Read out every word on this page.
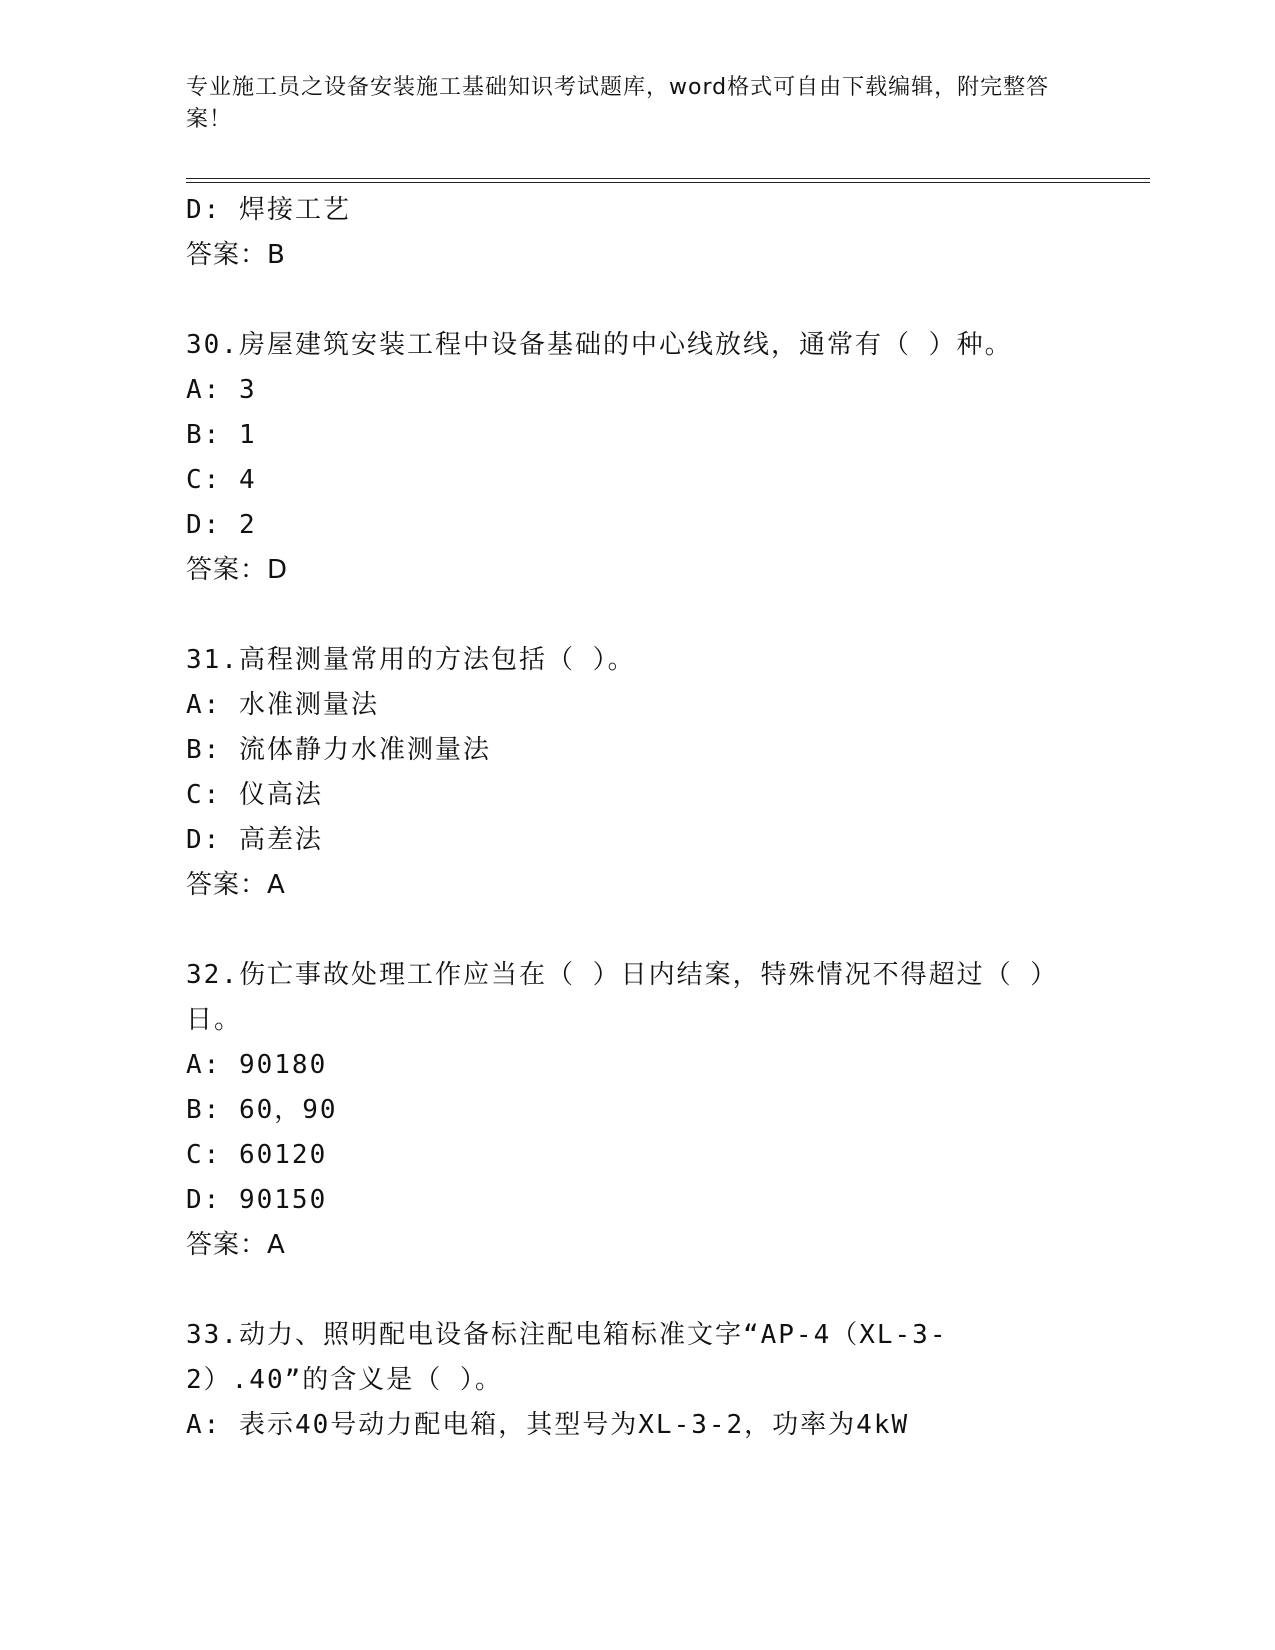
专业施工员之设备安装施工基础知识考试题库，word格式可自由下载编辑，附完整答案！
D: 焊接工艺
答案：B
30.房屋建筑安装工程中设备基础的中心线放线，通常有（ ）种。
A: 3
B: 1
C: 4
D: 2
答案：D
31.高程测量常用的方法包括（ ）。
A: 水准测量法
B: 流体静力水准测量法
C: 仪高法
D: 高差法
答案：A
32.伤亡事故处理工作应当在（ ）日内结案，特殊情况不得超过（ ）日。
A: 90180
B: 60，90
C: 60120
D: 90150
答案：A
33.动力、照明配电设备标注配电箱标准文字“AP-4（XL-3-2）.40”的含义是（ ）。
A: 表示40号动力配电箱，其型号为XL-3-2，功率为4kW
